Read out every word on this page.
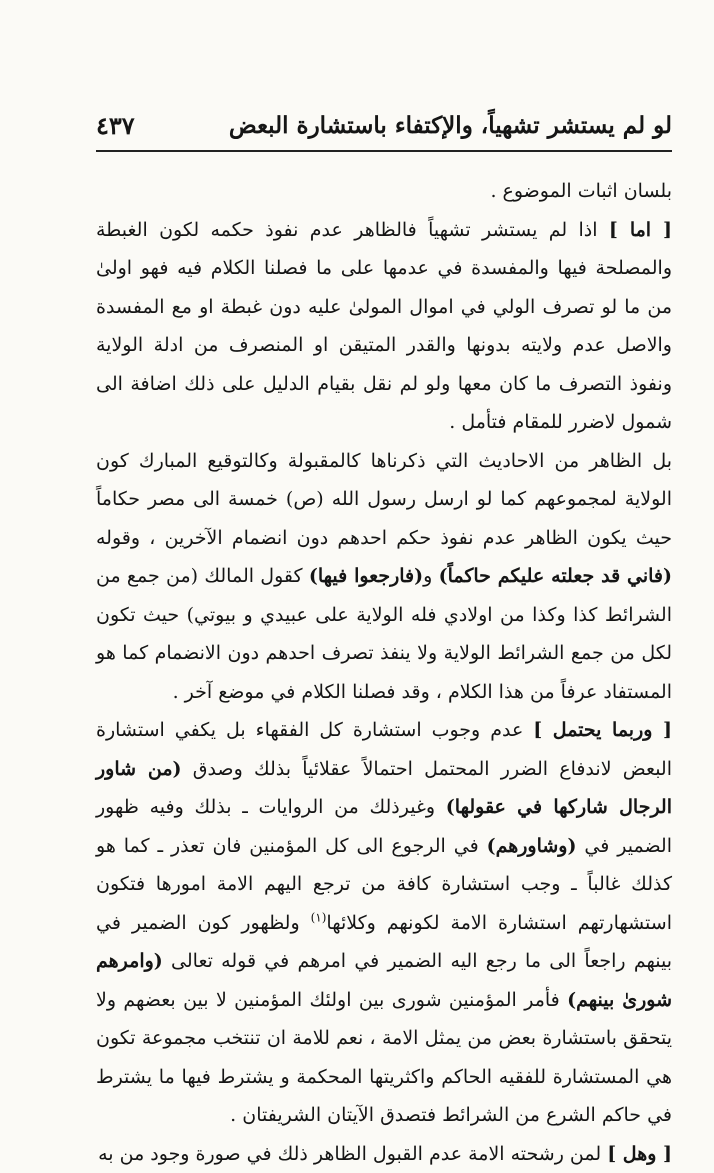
لو لم يستشر تشهياً، والإكتفاء باستشارة البعض
٤٣٧

بلسان اثبات الموضوع .

[ اما ] اذا لم يستشر تشهياً فالظاهر عدم نفوذ حكمه لكون الغبطة والمصلحة فيها والمفسدة في عدمها على ما فصلنا الكلام فيه فهو اولىٰ من ما لو تصرف الولي في اموال المولىٰ عليه دون غبطة او مع المفسدة والاصل عدم ولايته بدونها والقدر المتيقن او المنصرف من ادلة الولاية ونفوذ التصرف ما كان معها ولو لم نقل بقيام الدليل على ذلك اضافة الى شمول لاضرر للمقام فتأمل .

بل الظاهر من الاحاديث التي ذكرناها كالمقبولة وكالتوقيع المبارك كون الولاية لمجموعهم كما لو ارسل رسول الله (ص) خمسة الى مصر حكاماً حيث يكون الظاهر عدم نفوذ حكم احدهم دون انضمام الآخرين ، وقوله (فاني قد جعلته عليكم حاكماً) و(فارجعوا فيها) كقول المالك (من جمع من الشرائط كذا وكذا من اولادي فله الولاية على عبيدي و بيوتي) حيث تكون لكل من جمع الشرائط الولاية ولا ينفذ تصرف احدهم دون الانضمام كما هو المستفاد عرفاً من هذا الكلام ، وقد فصلنا الكلام في موضع آخر .

[ وربما يحتمل ] عدم وجوب استشارة كل الفقهاء بل يكفي استشارة البعض لاندفاع الضرر المحتمل احتمالاً عقلائياً بذلك وصدق (من شاور الرجال شاركها في عقولها) وغيرذلك من الروايات ـ بذلك وفيه ظهور الضمير في (وشاورهم) في الرجوع الى كل المؤمنين فان تعذر ـ كما هو كذلك غالباً ـ وجب استشارة كافة من ترجع اليهم الامة امورها فتكون استشهارتهم استشارة الامة لكونهم وكلائها$^{(١)}$ ولظهور كون الضمير في بينهم راجعاً الى ما رجع اليه الضمير في امرهم في قوله تعالى (وامرهم شورىٰ بينهم) فأمر المؤمنين شورى بين اولئك المؤمنين لا بين بعضهم ولا يتحقق باستشارة بعض من يمثل الامة ، نعم للامة ان تنتخب مجموعة تكون هي المستشارة للفقيه الحاكم واكثريتها المحكمة و يشترط فيها ما يشترط في حاكم الشرع من الشرائط فتصدق الآيتان الشريفتان .

[ وهل ] لمن رشحته الامة عدم القبول الظاهر ذلك في صورة وجود من به
